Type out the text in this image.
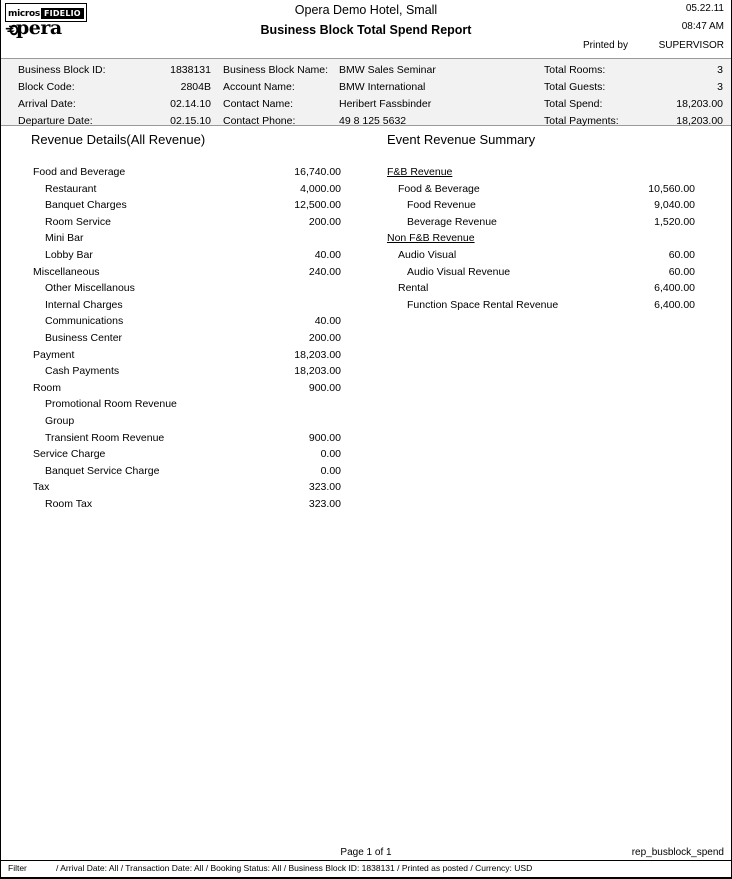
micros FIDELIO
pera
Opera Demo Hotel, Small
Business Block Total Spend Report
05.22.11
08:47 AM
Printed by	SUPERVISOR
Business Block ID:	1838131 Business Block Name: BMW Sales Seminar	Total Rooms:	3
Block Code:	2804B Account Name:	BMW International	Total Guests:	3
Arrival Date:	02.14.10 Contact Name:	Heribert Fassbinder	Total Spend:	18,203.00
Departure Date:	02.15.10 Contact Phone:	49 8 125 5632	Total Payments:	18,203.00
Revenue Details(All Revenue)	Event Revenue Summary
Food and Beverage	16,740.00
Restaurant	4,000.00
Banquet Charges	12,500.00
Room Service	200.00
Mini Bar
Lobby Bar	40.00
Miscellaneous	240.00
Other Miscellanous
Internal Charges
Communications	40.00
Business Center	200.00
Payment	18,203.00
Cash Payments	18,203.00
Room	900.00
Promotional Room Revenue
Group
Transient Room Revenue	900.00
Service Charge	0.00
Banquet Service Charge	0.00
Tax	323.00
Room Tax	323.00
F&B Revenue
Food & Beverage	10,560.00
Food Revenue	9,040.00
Beverage Revenue	1,520.00
Non F&B Revenue
Audio Visual	60.00
Audio Visual Revenue	60.00
Rental	6,400.00
Function Space Rental Revenue	6,400.00
Page 1 of 1	rep_busblock_spend
Filter	/ Arrival Date: All / Transaction Date: All / Booking Status: All / Business Block ID: 1838131 / Printed as posted / Currency: USD
